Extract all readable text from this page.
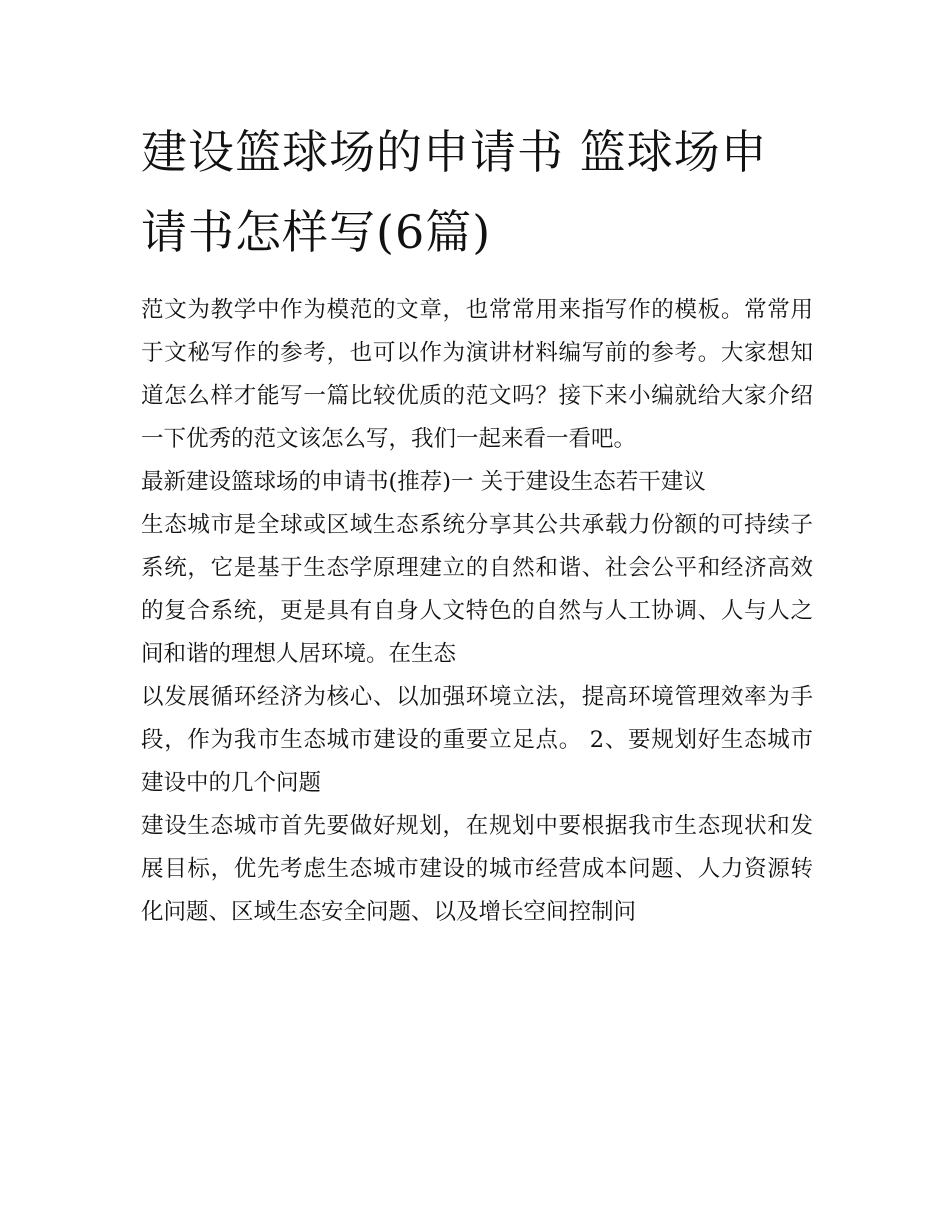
建设篮球场的申请书 篮球场申请书怎样写(6篇)

范文为教学中作为模范的文章，也常常用来指写作的模板。常常用于文秘写作的参考，也可以作为演讲材料编写前的参考。大家想知道怎么样才能写一篇比较优质的范文吗？接下来小编就给大家介绍一下优秀的范文该怎么写，我们一起来看一看吧。

最新建设篮球场的申请书(推荐)一 关于建设生态若干建议

生态城市是全球或区域生态系统分享其公共承载力份额的可持续子系统，它是基于生态学原理建立的自然和谐、社会公平和经济高效的复合系统，更是具有自身人文特色的自然与人工协调、人与人之间和谐的理想人居环境。在生态

以发展循环经济为核心、以加强环境立法，提高环境管理效率为手段，作为我市生态城市建设的重要立足点。 2、要规划好生态城市建设中的几个问题

建设生态城市首先要做好规划，在规划中要根据我市生态现状和发展目标，优先考虑生态城市建设的城市经营成本问题、人力资源转化问题、区域生态安全问题、以及增长空间控制问
